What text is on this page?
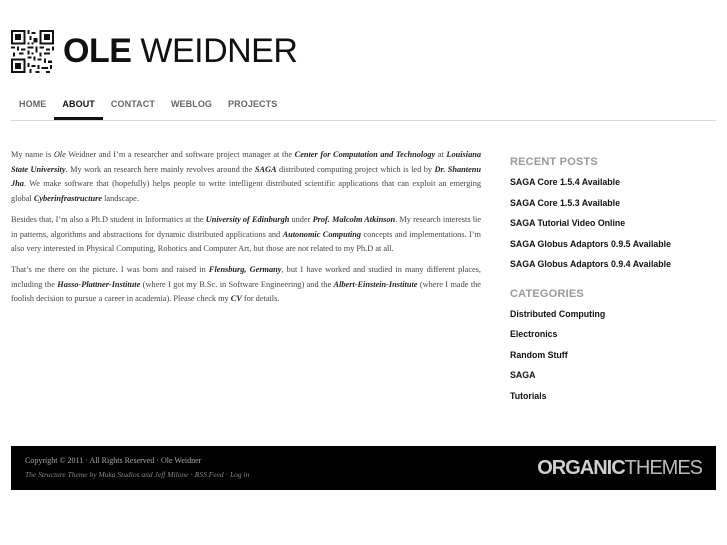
OLE WEIDNER
HOME	ABOUT	CONTACT	WEBLOG	PROJECTS

My name is Ole Weidner and I’m a researcher and software project manager at the Center for Computation and Technology at Louisiana State University. My work an research here mainly revolves around the SAGA distributed computing project which is led by Dr. Shantenu Jha. We make software that (hopefully) helps people to write intelligent distributed scientific applications that can exploit an emerging global Cyberinfrastructure landscape.

Besides that, I’m also a Ph.D student in Informatics at the University of Edinburgh under Prof. Malcolm Atkinson. My research interests lie in patterns, algorithms and abstractions for dynamic distributed applications and Autonomic Computing concepts and implementations. I’m also very interested in Physical Computing, Robotics and Computer Art, but those are not related to my Ph.D at all.

That’s me there on the picture. I was born and raised in Flensburg, Germany, but I have worked and studied in many different places, including the Hasso-Plattner-Institute (where I got my B.Sc. in Software Engineering) and the Albert-Einstein-Institute (where I made the foolish decision to pursue a career in academia). Please check my CV for details.

RECENT POSTS
SAGA Core 1.5.4 Available
SAGA Core 1.5.3 Available
SAGA Tutorial Video Online
SAGA Globus Adaptors 0.9.5 Available
SAGA Globus Adaptors 0.9.4 Available
CATEGORIES
Distributed Computing
Electronics
Random Stuff
SAGA
Tutorials
Copyright © 2011 · All Rights Reserved · Ole Weidner
The Structure Theme by Muka Studios and Jeff Milone · RSS Feed · Log in	ORGANICTHEMES
